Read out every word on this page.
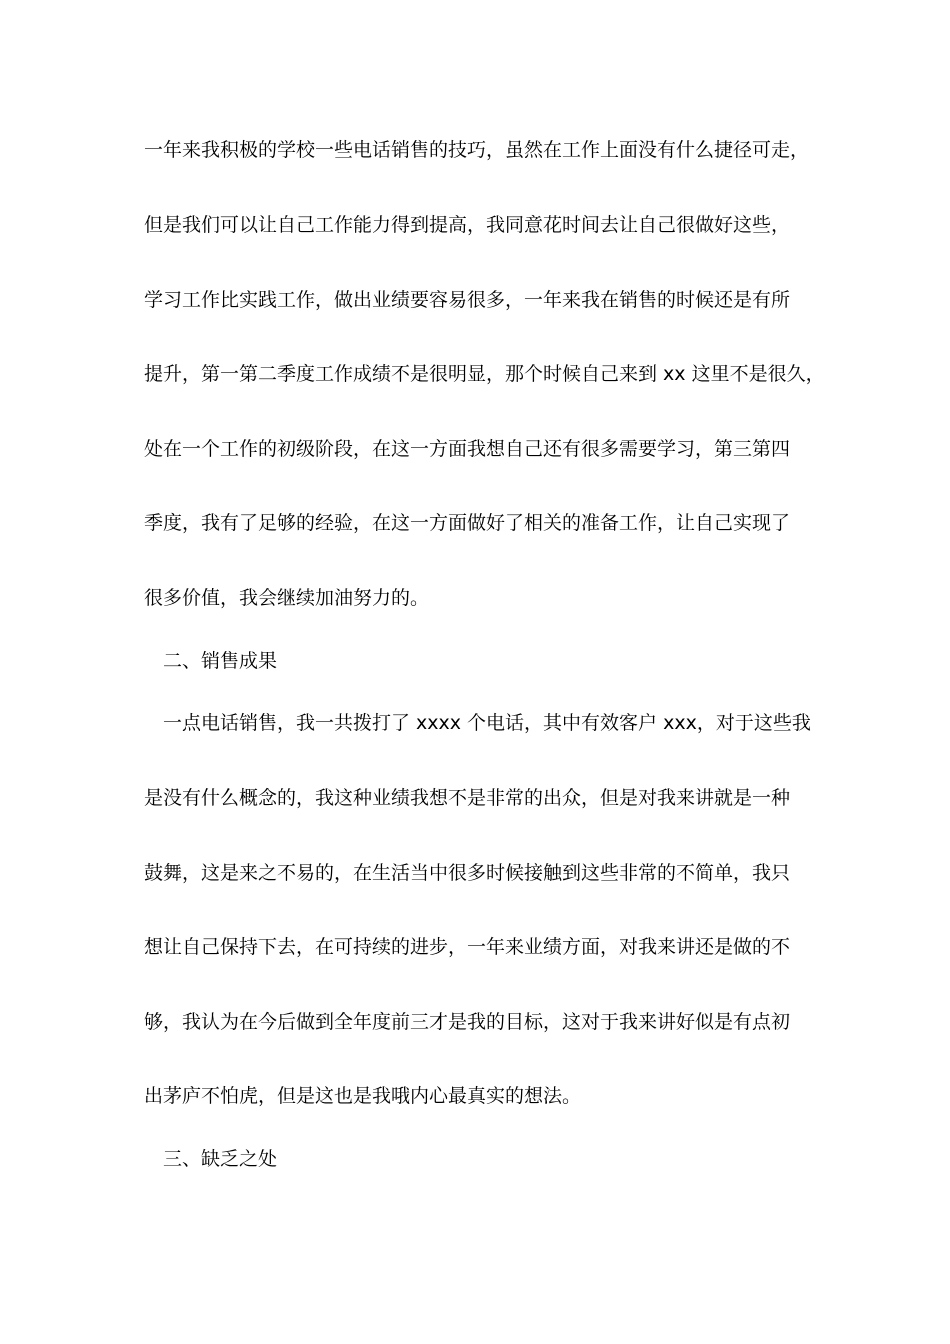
一年来我积极的学校一些电话销售的技巧，虽然在工作上面没有什么捷径可走，
但是我们可以让自己工作能力得到提高，我同意花时间去让自己很做好这些，
学习工作比实践工作，做出业绩要容易很多，一年来我在销售的时候还是有所
提升，第一第二季度工作成绩不是很明显，那个时候自己来到 xx 这里不是很久，
处在一个工作的初级阶段，在这一方面我想自己还有很多需要学习，第三第四
季度，我有了足够的经验，在这一方面做好了相关的准备工作，让自己实现了
很多价值，我会继续加油努力的。
二、销售成果
一点电话销售，我一共拨打了 xxxx 个电话，其中有效客户 xxx，对于这些我
是没有什么概念的，我这种业绩我想不是非常的出众，但是对我来讲就是一种
鼓舞，这是来之不易的，在生活当中很多时候接触到这些非常的不简单，我只
想让自己保持下去，在可持续的进步，一年来业绩方面，对我来讲还是做的不
够，我认为在今后做到全年度前三才是我的目标，这对于我来讲好似是有点初
出茅庐不怕虎，但是这也是我哦内心最真实的想法。
三、缺乏之处
